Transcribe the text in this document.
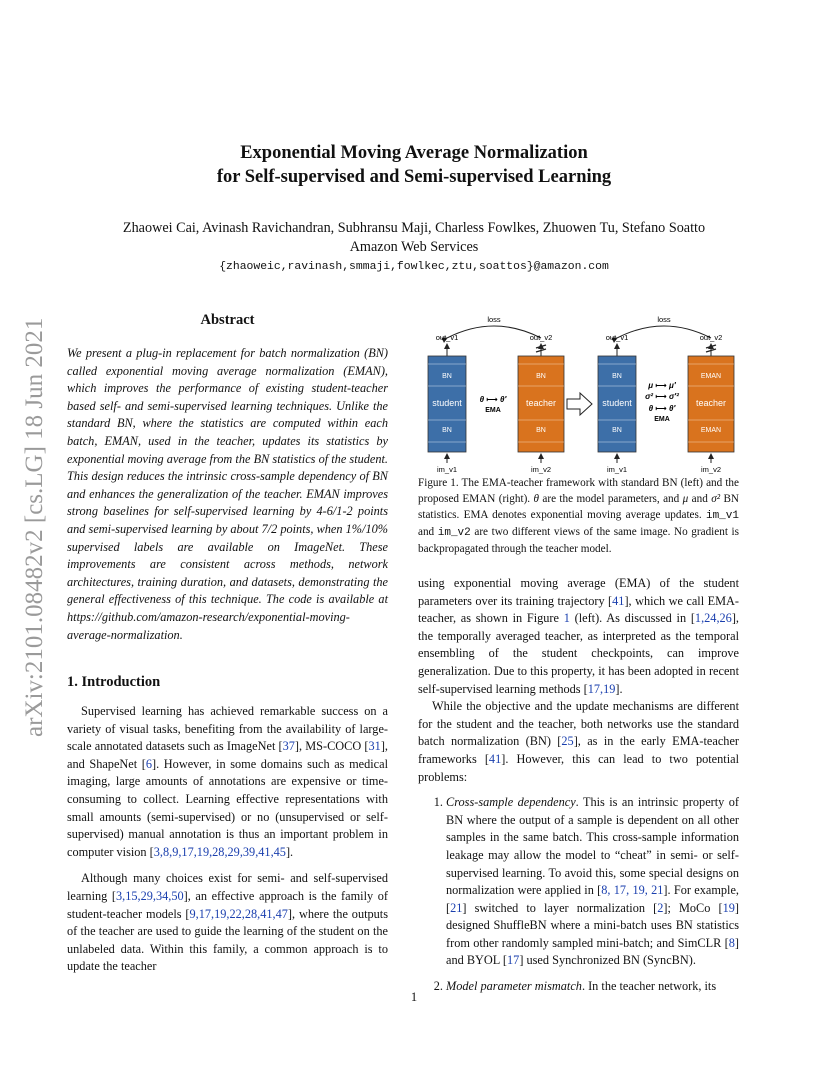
arXiv:2101.08482v2 [cs.LG] 18 Jun 2021
Exponential Moving Average Normalization
for Self-supervised and Semi-supervised Learning
Zhaowei Cai, Avinash Ravichandran, Subhransu Maji, Charless Fowlkes, Zhuowen Tu, Stefano Soatto
Amazon Web Services
{zhaoweic,ravinash,smmaji,fowlkec,ztu,soattos}@amazon.com
Abstract

We present a plug-in replacement for batch normalization (BN) called exponential moving average normalization (EMAN), which improves the performance of existing student-teacher based self- and semi-supervised learning techniques. Unlike the standard BN, where the statistics are computed within each batch, EMAN, used in the teacher, updates its statistics by exponential moving average from the BN statistics of the student. This design reduces the intrinsic cross-sample dependency of BN and enhances the generalization of the teacher. EMAN improves strong baselines for self-supervised learning by 4-6/1-2 points and semi-supervised learning by about 7/2 points, when 1%/10% supervised labels are available on ImageNet. These improvements are consistent across methods, network architectures, training duration, and datasets, demonstrating the general effectiveness of this technique. The code is available at https://github.com/amazon-research/exponential-moving-average-normalization.

1. Introduction

Supervised learning has achieved remarkable success on a variety of visual tasks, benefiting from the availability of large-scale annotated datasets such as ImageNet [37], MS-COCO [31], and ShapeNet [6]. However, in some domains such as medical imaging, large amounts of annotations are expensive or time-consuming to collect. Learning effective representations with small amounts (semi-supervised) or no (unsupervised or self-supervised) manual annotation is thus an important problem in computer vision [3,8,9,17,19,28,29,39,41,45].

Although many choices exist for semi- and self-supervised learning [3,15,29,34,50], an effective approach is the family of student-teacher models [9,17,19,22,28,41,47], where the outputs of the teacher are used to guide the learning of the student on the unlabeled data. Within this family, a common approach is to update the teacher

loss
out_v1	out_v2
BN
student
BN
BN
teacher
BN
θ ⟼ θ′
EMA
im_v1	im_v2
loss
out_v1	out_v2
BN
student
BN
EMAN
teacher
EMAN
μ ⟼ μ′
σ² ⟼ σ′²
θ ⟼ θ′
EMA
im_v1	im_v2

Figure 1. The EMA-teacher framework with standard BN (left) and the proposed EMAN (right). θ are the model parameters, and μ and σ² BN statistics. EMA denotes exponential moving average updates. im_v1 and im_v2 are two different views of the same image. No gradient is backpropagated through the teacher model.

using exponential moving average (EMA) of the student parameters over its training trajectory [41], which we call EMA-teacher, as shown in Figure 1 (left). As discussed in [1,24,26], the temporally averaged teacher, as interpreted as the temporal ensembling of the student checkpoints, can improve generalization. Due to this property, it has been adopted in recent self-supervised learning methods [17,19].

While the objective and the update mechanisms are different for the student and the teacher, both networks use the standard batch normalization (BN) [25], as in the early EMA-teacher frameworks [41]. However, this can lead to two potential problems:

1. Cross-sample dependency. This is an intrinsic property of BN where the output of a sample is dependent on all other samples in the same batch. This cross-sample information leakage may allow the model to “cheat” in semi- or self-supervised learning. To avoid this, some special designs on normalization were applied in [8, 17, 19, 21]. For example, [21] switched to layer normalization [2]; MoCo [19] designed ShuffleBN where a mini-batch uses BN statistics from other randomly sampled mini-batch; and SimCLR [8] and BYOL [17] used Synchronized BN (SyncBN).
2. Model parameter mismatch. In the teacher network, its
1
